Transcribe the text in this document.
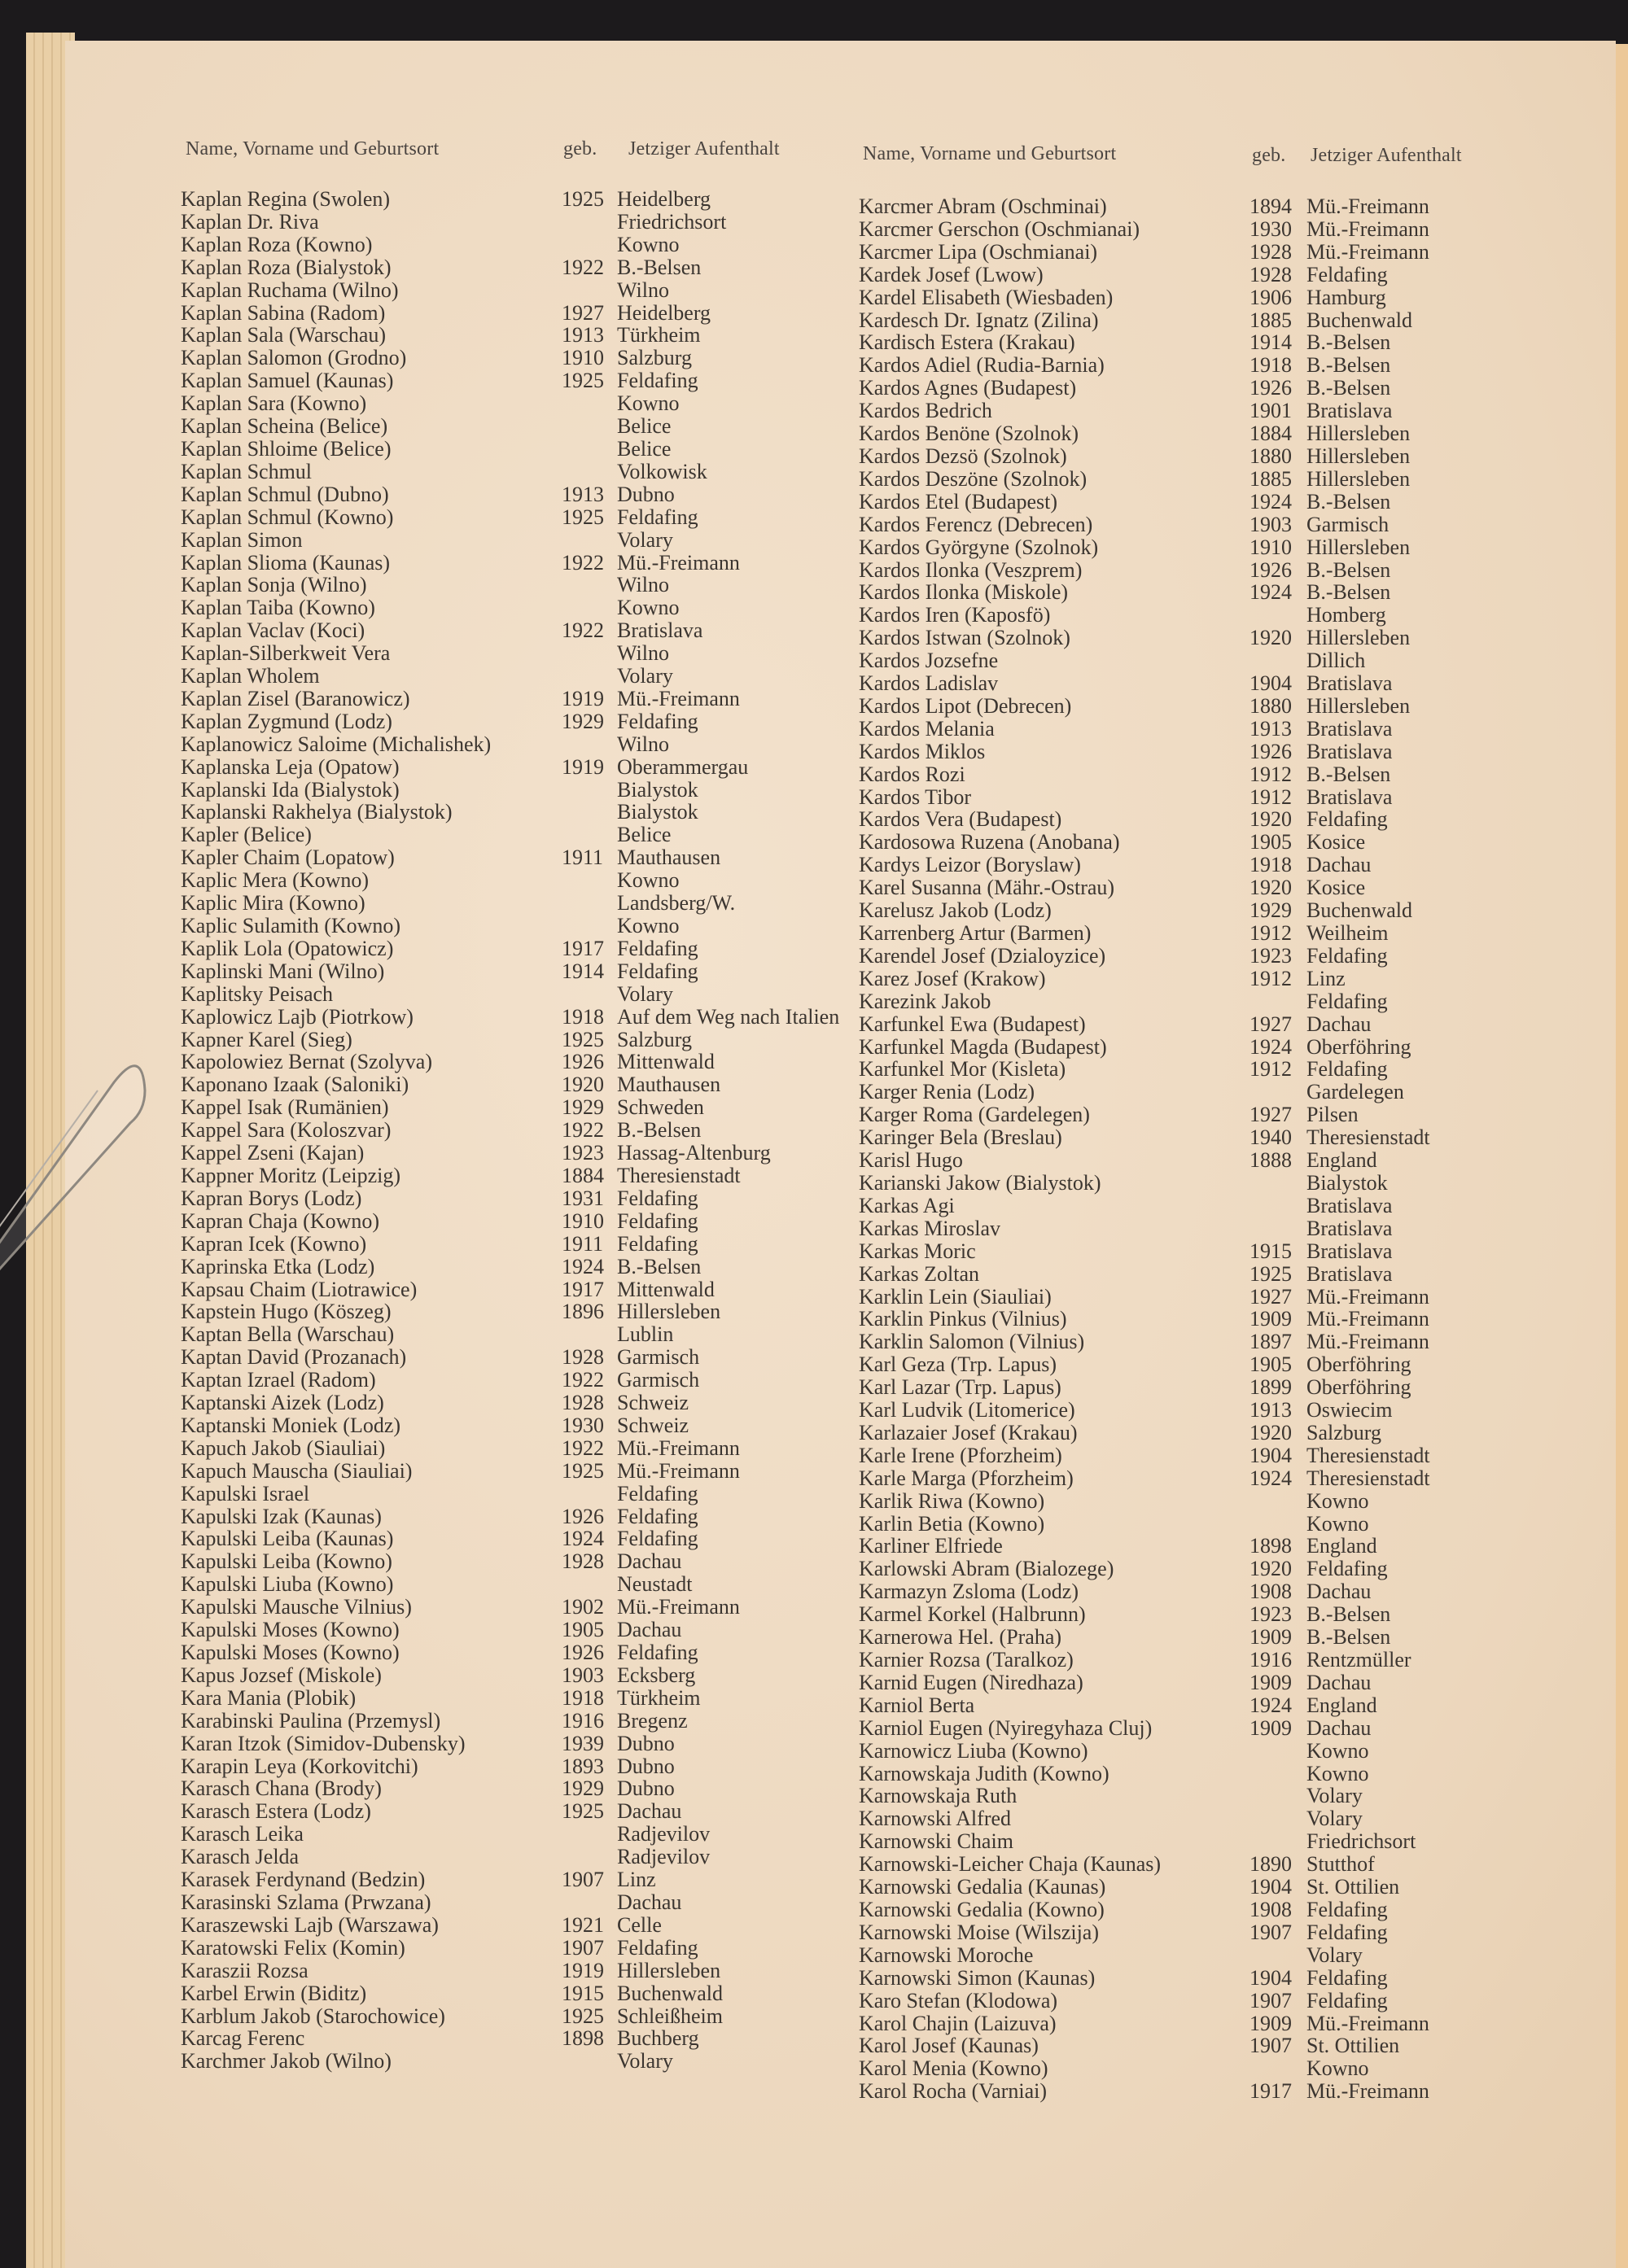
Name, Vorname und Geburtsort	geb. Jetziger Aufenthalt	Name, Vorname und Geburtsort	geb. Jetziger Aufenthalt
Kaplan Regina (Swolen)	1925 Heidelberg
Kaplan Dr. Riva	Friedrichsort
Kaplan Roza (Kowno)	Kowno
Kaplan Roza (Bialystok)	1922 B.-Belsen
Kaplan Ruchama (Wilno)	Wilno
Kaplan Sabina (Radom)	1927 Heidelberg
Kaplan Sala (Warschau)	1913 Türkheim
Kaplan Salomon (Grodno)	1910 Salzburg
Kaplan Samuel (Kaunas)	1925 Feldafing
Kaplan Sara (Kowno)	Kowno
Kaplan Scheina (Belice)	Belice
Kaplan Shloime (Belice)	Belice
Kaplan Schmul	Volkowisk
Kaplan Schmul (Dubno)	1913 Dubno
Kaplan Schmul (Kowno)	1925 Feldafing
Kaplan Simon	Volary
Kaplan Slioma (Kaunas)	1922 Mü.-Freimann
Kaplan Sonja (Wilno)	Wilno
Kaplan Taiba (Kowno)	Kowno
Kaplan Vaclav (Koci)	1922 Bratislava
Kaplan-Silberkweit Vera	Wilno
Kaplan Wholem	Volary
Kaplan Zisel (Baranowicz)	1919 Mü.-Freimann
Kaplan Zygmund (Lodz)	1929 Feldafing
Kaplanowicz Saloime (Michalishek)	Wilno
Kaplanska Leja (Opatow)	1919 Oberammergau
Kaplanski Ida (Bialystok)	Bialystok
Kaplanski Rakhelya (Bialystok)	Bialystok
Kapler (Belice)	Belice
Kapler Chaim (Lopatow)	1911 Mauthausen
Kaplic Mera (Kowno)	Kowno
Kaplic Mira (Kowno)	Landsberg/W.
Kaplic Sulamith (Kowno)	Kowno
Kaplik Lola (Opatowicz)	1917 Feldafing
Kaplinski Mani (Wilno)	1914 Feldafing
Kaplitsky Peisach	Volary
Kaplowicz Lajb (Piotrkow)	1918 Auf dem Weg nach Italien
Kapner Karel (Sieg)	1925 Salzburg
Kapolowiez Bernat (Szolyva)	1926 Mittenwald
Kaponano Izaak (Saloniki)	1920 Mauthausen
Kappel Isak (Rumänien)	1929 Schweden
Kappel Sara (Koloszvar)	1922 B.-Belsen
Kappel Zseni (Kajan)	1923 Hassag-Altenburg
Kappner Moritz (Leipzig)	1884 Theresienstadt
Kapran Borys (Lodz)	1931 Feldafing
Kapran Chaja (Kowno)	1910 Feldafing
Kapran Icek (Kowno)	1911 Feldafing
Kaprinska Etka (Lodz)	1924 B.-Belsen
Kapsau Chaim (Liotrawice)	1917 Mittenwald
Kapstein Hugo (Köszeg)	1896 Hillersleben
Kaptan Bella (Warschau)	Lublin
Kaptan David (Prozanach)	1928 Garmisch
Kaptan Izrael (Radom)	1922 Garmisch
Kaptanski Aizek (Lodz)	1928 Schweiz
Kaptanski Moniek (Lodz)	1930 Schweiz
Kapuch Jakob (Siauliai)	1922 Mü.-Freimann
Kapuch Mauscha (Siauliai)	1925 Mü.-Freimann
Kapulski Israel	Feldafing
Kapulski Izak (Kaunas)	1926 Feldafing
Kapulski Leiba (Kaunas)	1924 Feldafing
Kapulski Leiba (Kowno)	1928 Dachau
Kapulski Liuba (Kowno)	Neustadt
Kapulski Mausche Vilnius)	1902 Mü.-Freimann
Kapulski Moses (Kowno)	1905 Dachau
Kapulski Moses (Kowno)	1926 Feldafing
Kapus Jozsef (Miskole)	1903 Ecksberg
Kara Mania (Plobik)	1918 Türkheim
Karabinski Paulina (Przemysl)	1916 Bregenz
Karan Itzok (Simidov-Dubensky)	1939 Dubno
Karapin Leya (Korkovitchi)	1893 Dubno
Karasch Chana (Brody)	1929 Dubno
Karasch Estera (Lodz)	1925 Dachau
Karasch Leika	Radjevilov
Karasch Jelda	Radjevilov
Karasek Ferdynand (Bedzin)	1907 Linz
Karasinski Szlama (Prwzana)	Dachau
Karaszewski Lajb (Warszawa)	1921 Celle
Karatowski Felix (Komin)	1907 Feldafing
Karaszii Rozsa	1919 Hillersleben
Karbel Erwin (Biditz)	1915 Buchenwald
Karblum Jakob (Starochowice)	1925 Schleißheim
Karcag Ferenc	1898 Buchberg
Karchmer Jakob (Wilno)	Volary
Karcmer Abram (Oschminai)	1894 Mü.-Freimann
Karcmer Gerschon (Oschmianai)	1930 Mü.-Freimann
Karcmer Lipa (Oschmianai)	1928 Mü.-Freimann
Kardek Josef (Lwow)	1928 Feldafing
Kardel Elisabeth (Wiesbaden)	1906 Hamburg
Kardesch Dr. Ignatz (Zilina)	1885 Buchenwald
Kardisch Estera (Krakau)	1914 B.-Belsen
Kardos Adiel (Rudia-Barnia)	1918 B.-Belsen
Kardos Agnes (Budapest)	1926 B.-Belsen
Kardos Bedrich	1901 Bratislava
Kardos Benöne (Szolnok)	1884 Hillersleben
Kardos Dezsö (Szolnok)	1880 Hillersleben
Kardos Deszöne (Szolnok)	1885 Hillersleben
Kardos Etel (Budapest)	1924 B.-Belsen
Kardos Ferencz (Debrecen)	1903 Garmisch
Kardos Györgyne (Szolnok)	1910 Hillersleben
Kardos Ilonka (Veszprem)	1926 B.-Belsen
Kardos Ilonka (Miskole)	1924 B.-Belsen
Kardos Iren (Kaposfö)	Homberg
Kardos Istwan (Szolnok)	1920 Hillersleben
Kardos Jozsefne	Dillich
Kardos Ladislav	1904 Bratislava
Kardos Lipot (Debrecen)	1880 Hillersleben
Kardos Melania	1913 Bratislava
Kardos Miklos	1926 Bratislava
Kardos Rozi	1912 B.-Belsen
Kardos Tibor	1912 Bratislava
Kardos Vera (Budapest)	1920 Feldafing
Kardosowa Ruzena (Anobana)	1905 Kosice
Kardys Leizor (Boryslaw)	1918 Dachau
Karel Susanna (Mähr.-Ostrau)	1920 Kosice
Karelusz Jakob (Lodz)	1929 Buchenwald
Karrenberg Artur (Barmen)	1912 Weilheim
Karendel Josef (Dzialoyzice)	1923 Feldafing
Karez Josef (Krakow)	1912 Linz
Karezink Jakob	Feldafing
Karfunkel Ewa (Budapest)	1927 Dachau
Karfunkel Magda (Budapest)	1924 Oberföhring
Karfunkel Mor (Kisleta)	1912 Feldafing
Karger Renia (Lodz)	Gardelegen
Karger Roma (Gardelegen)	1927 Pilsen
Karinger Bela (Breslau)	1940 Theresienstadt
Karisl Hugo	1888 England
Karianski Jakow (Bialystok)	Bialystok
Karkas Agi	Bratislava
Karkas Miroslav	Bratislava
Karkas Moric	1915 Bratislava
Karkas Zoltan	1925 Bratislava
Karklin Lein (Siauliai)	1927 Mü.-Freimann
Karklin Pinkus (Vilnius)	1909 Mü.-Freimann
Karklin Salomon (Vilnius)	1897 Mü.-Freimann
Karl Geza (Trp. Lapus)	1905 Oberföhring
Karl Lazar (Trp. Lapus)	1899 Oberföhring
Karl Ludvik (Litomerice)	1913 Oswiecim
Karlazaier Josef (Krakau)	1920 Salzburg
Karle Irene (Pforzheim)	1904 Theresienstadt
Karle Marga (Pforzheim)	1924 Theresienstadt
Karlik Riwa (Kowno)	Kowno
Karlin Betia (Kowno)	Kowno
Karliner Elfriede	1898 England
Karlowski Abram (Bialozege)	1920 Feldafing
Karmazyn Zsloma (Lodz)	1908 Dachau
Karmel Korkel (Halbrunn)	1923 B.-Belsen
Karnerowa Hel. (Praha)	1909 B.-Belsen
Karnier Rozsa (Taralkoz)	1916 Rentzmüller
Karnid Eugen (Niredhaza)	1909 Dachau
Karniol Berta	1924 England
Karniol Eugen (Nyiregyhaza Cluj)	1909 Dachau
Karnowicz Liuba (Kowno)	Kowno
Karnowskaja Judith (Kowno)	Kowno
Karnowskaja Ruth	Volary
Karnowski Alfred	Volary
Karnowski Chaim	Friedrichsort
Karnowski-Leicher Chaja (Kaunas)	1890 Stutthof
Karnowski Gedalia (Kaunas)	1904 St. Ottilien
Karnowski Gedalia (Kowno)	1908 Feldafing
Karnowski Moise (Wilszija)	1907 Feldafing
Karnowski Moroche	Volary
Karnowski Simon (Kaunas)	1904 Feldafing
Karo Stefan (Klodowa)	1907 Feldafing
Karol Chajin (Laizuva)	1909 Mü.-Freimann
Karol Josef (Kaunas)	1907 St. Ottilien
Karol Menia (Kowno)	Kowno
Karol Rocha (Varniai)	1917 Mü.-Freimann
